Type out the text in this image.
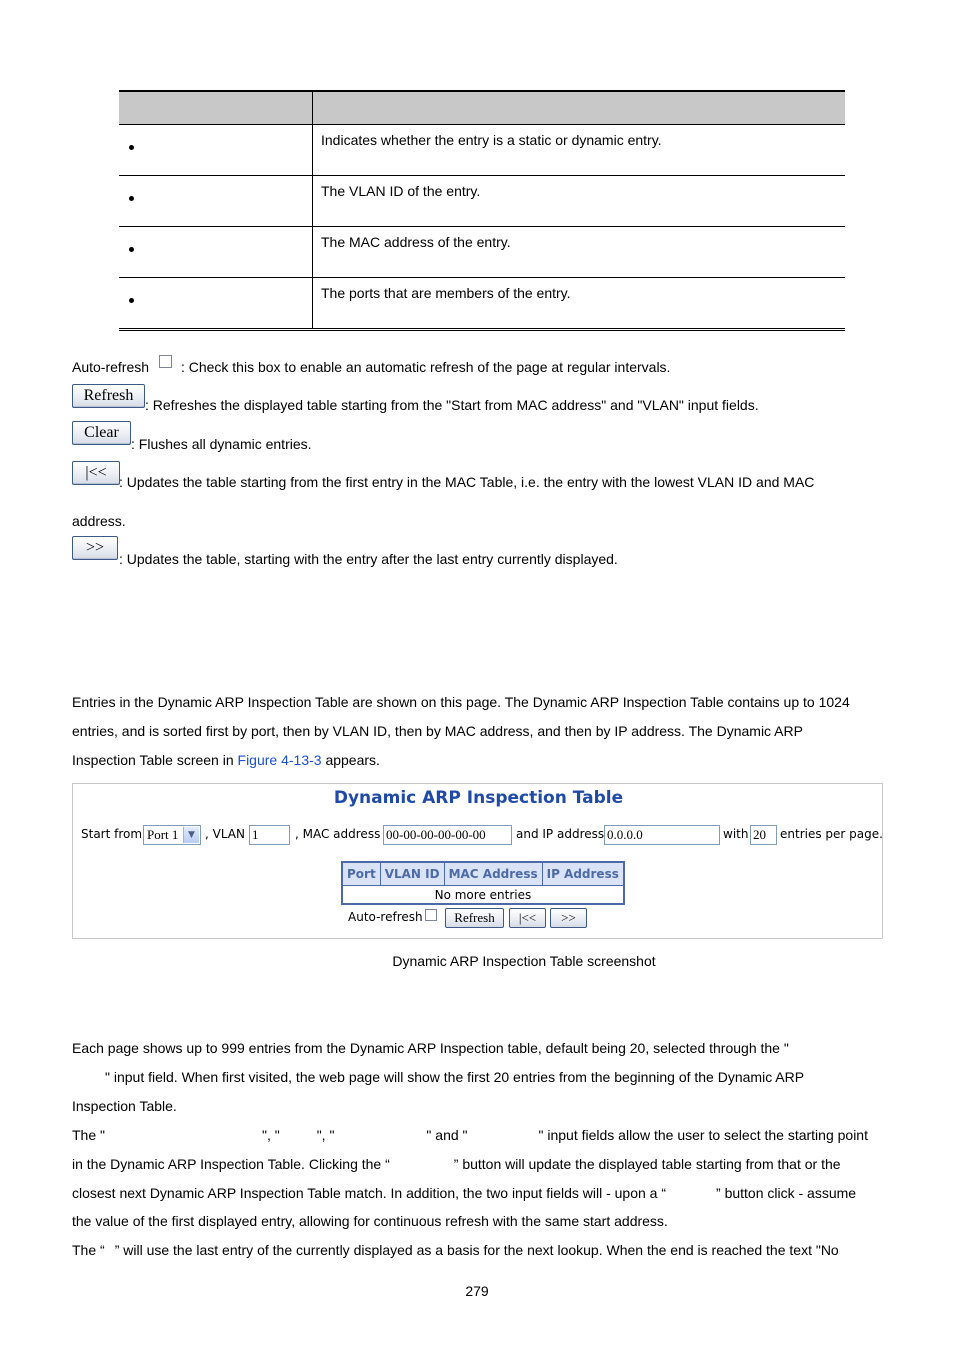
	Indicates whether the entry is a static or dynamic entry.
	The VLAN ID of the entry.
	The MAC address of the entry.
	The ports that are members of the entry.
Auto-refresh : Check this box to enable an automatic refresh of the page at regular intervals.
Refresh
: Refreshes the displayed table starting from the "Start from MAC address" and "VLAN" input fields.
Clear
: Flushes all dynamic entries.
|<<
: Updates the table starting from the first entry in the MAC Table, i.e. the entry with the lowest VLAN ID and MAC
address.
>>
: Updates the table, starting with the entry after the last entry currently displayed.
Entries in the Dynamic ARP Inspection Table are shown on this page. The Dynamic ARP Inspection Table contains up to 1024
entries, and is sorted first by port, then by VLAN ID, then by MAC address, and then by IP address. The Dynamic ARP
Inspection Table screen in Figure 4-13-3 appears.
Dynamic ARP Inspection Table
Start from Port 1	▼ , VLAN 1	, MAC address 00-00-00-00-00-00	and IP address 0.0.0.0	with 20	entries per page.
Port	VLAN ID	MAC Address	IP Address
No more entries
Auto-refresh	Refresh	|<<	>>
Dynamic ARP Inspection Table screenshot
Each page shows up to 999 entries from the Dynamic ARP Inspection table, default being 20, selected through the "
" input field. When first visited, the web page will show the first 20 entries from the beginning of the Dynamic ARP
Inspection Table.
The "	", "	", "	" and "	" input fields allow the user to select the starting point
in the Dynamic ARP Inspection Table. Clicking the “	” button will update the displayed table starting from that or the
closest next Dynamic ARP Inspection Table match. In addition, the two input fields will - upon a “	” button click - assume
the value of the first displayed entry, allowing for continuous refresh with the same start address.
The “ ” will use the last entry of the currently displayed as a basis for the next lookup. When the end is reached the text "No
279
